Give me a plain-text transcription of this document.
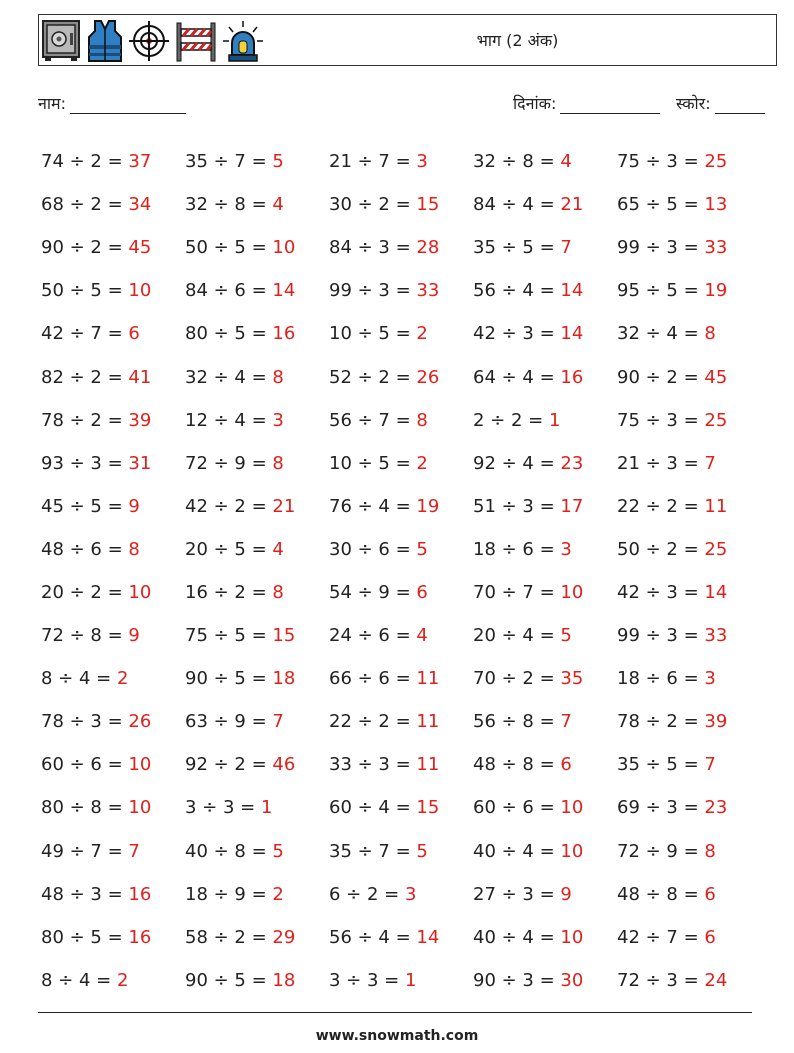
भाग (2 अंक)
नाम:	दिनांक:	स्कोर:
74 ÷ 2 = 37	35 ÷ 7 = 5	21 ÷ 7 = 3	32 ÷ 8 = 4	75 ÷ 3 = 25
68 ÷ 2 = 34	32 ÷ 8 = 4	30 ÷ 2 = 15	84 ÷ 4 = 21	65 ÷ 5 = 13
90 ÷ 2 = 45	50 ÷ 5 = 10	84 ÷ 3 = 28	35 ÷ 5 = 7	99 ÷ 3 = 33
50 ÷ 5 = 10	84 ÷ 6 = 14	99 ÷ 3 = 33	56 ÷ 4 = 14	95 ÷ 5 = 19
42 ÷ 7 = 6	80 ÷ 5 = 16	10 ÷ 5 = 2	42 ÷ 3 = 14	32 ÷ 4 = 8
82 ÷ 2 = 41	32 ÷ 4 = 8	52 ÷ 2 = 26	64 ÷ 4 = 16	90 ÷ 2 = 45
78 ÷ 2 = 39	12 ÷ 4 = 3	56 ÷ 7 = 8	2 ÷ 2 = 1	75 ÷ 3 = 25
93 ÷ 3 = 31	72 ÷ 9 = 8	10 ÷ 5 = 2	92 ÷ 4 = 23	21 ÷ 3 = 7
45 ÷ 5 = 9	42 ÷ 2 = 21	76 ÷ 4 = 19	51 ÷ 3 = 17	22 ÷ 2 = 11
48 ÷ 6 = 8	20 ÷ 5 = 4	30 ÷ 6 = 5	18 ÷ 6 = 3	50 ÷ 2 = 25
20 ÷ 2 = 10	16 ÷ 2 = 8	54 ÷ 9 = 6	70 ÷ 7 = 10	42 ÷ 3 = 14
72 ÷ 8 = 9	75 ÷ 5 = 15	24 ÷ 6 = 4	20 ÷ 4 = 5	99 ÷ 3 = 33
8 ÷ 4 = 2	90 ÷ 5 = 18	66 ÷ 6 = 11	70 ÷ 2 = 35	18 ÷ 6 = 3
78 ÷ 3 = 26	63 ÷ 9 = 7	22 ÷ 2 = 11	56 ÷ 8 = 7	78 ÷ 2 = 39
60 ÷ 6 = 10	92 ÷ 2 = 46	33 ÷ 3 = 11	48 ÷ 8 = 6	35 ÷ 5 = 7
80 ÷ 8 = 10	3 ÷ 3 = 1	60 ÷ 4 = 15	60 ÷ 6 = 10	69 ÷ 3 = 23
49 ÷ 7 = 7	40 ÷ 8 = 5	35 ÷ 7 = 5	40 ÷ 4 = 10	72 ÷ 9 = 8
48 ÷ 3 = 16	18 ÷ 9 = 2	6 ÷ 2 = 3	27 ÷ 3 = 9	48 ÷ 8 = 6
80 ÷ 5 = 16	58 ÷ 2 = 29	56 ÷ 4 = 14	40 ÷ 4 = 10	42 ÷ 7 = 6
8 ÷ 4 = 2	90 ÷ 5 = 18	3 ÷ 3 = 1	90 ÷ 3 = 30	72 ÷ 3 = 24
www.snowmath.com
